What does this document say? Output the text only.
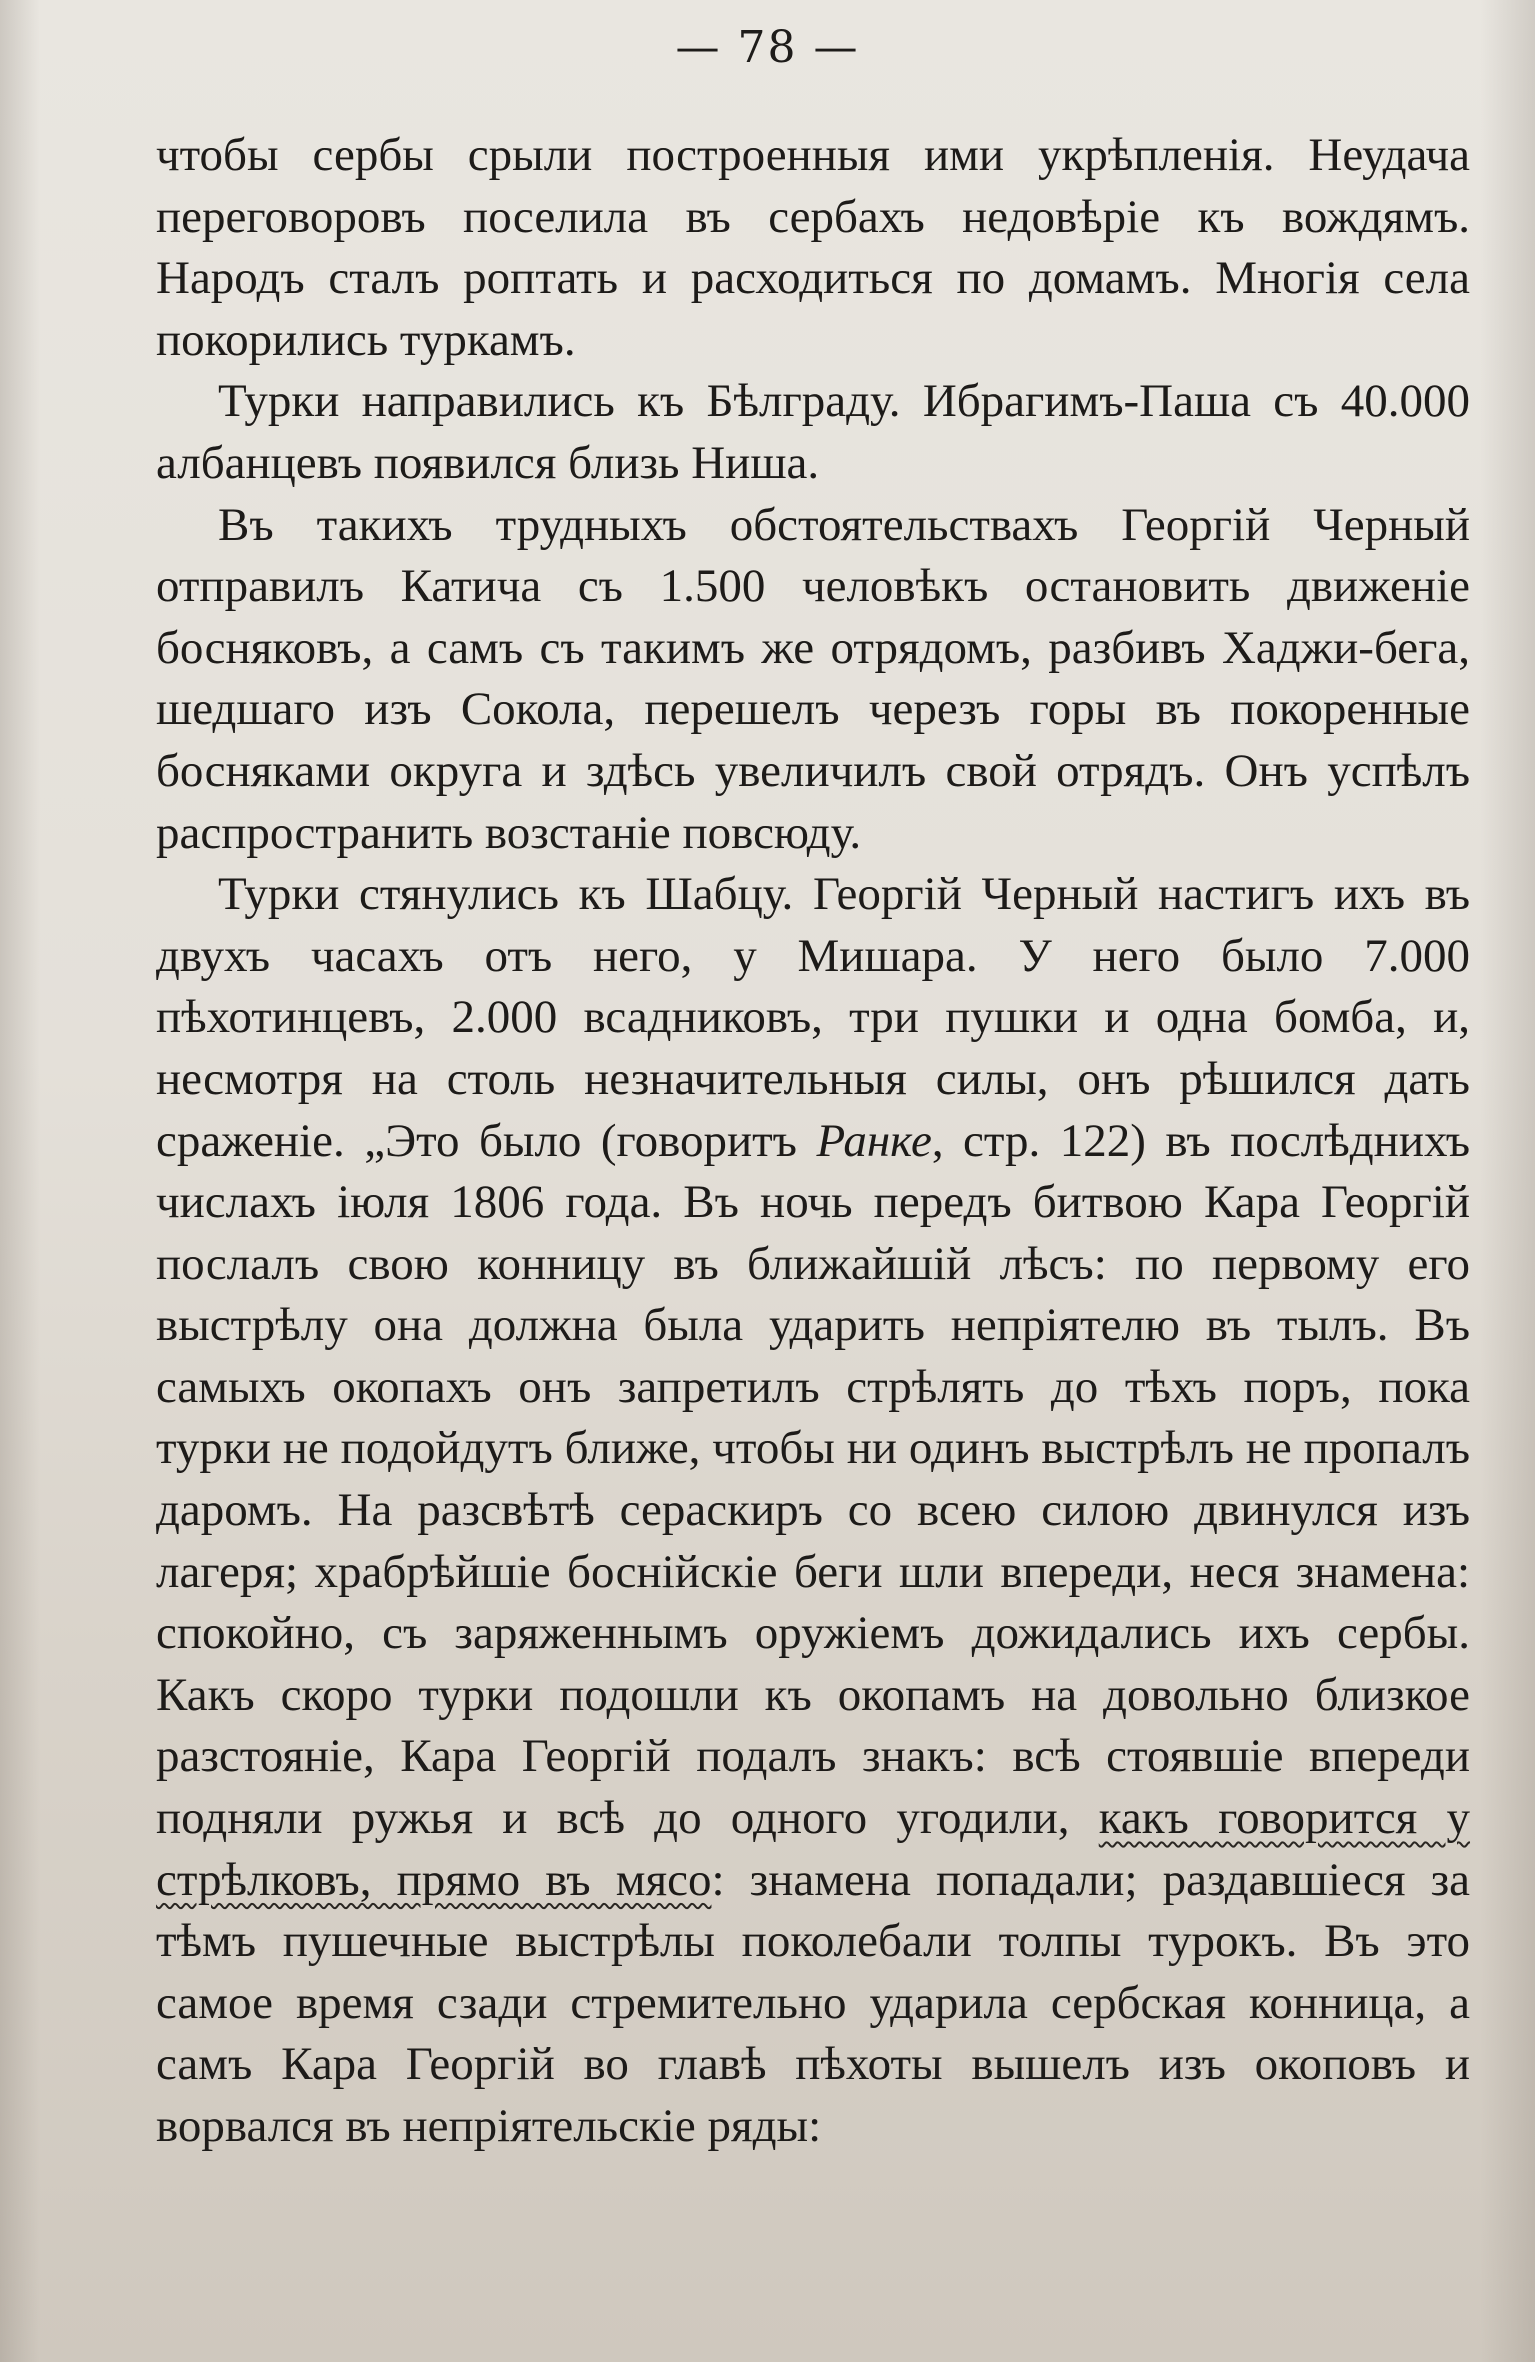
— 78 —

чтобы сербы срыли построенныя ими укрѣпленія. Неудача переговоровъ поселила въ сербахъ недовѣріе къ вождямъ. Народъ сталъ роптать и расходиться по домамъ. Многія села покорились туркамъ.

Турки направились къ Бѣлграду. Ибрагимъ-Паша съ 40.000 албанцевъ появился близь Ниша.

Въ такихъ трудныхъ обстоятельствахъ Георгій Черный отправилъ Катича съ 1.500 человѣкъ остановить движеніе босняковъ, а самъ съ такимъ же отрядомъ, разбивъ Хаджи-бега, шедшаго изъ Сокола, перешелъ черезъ горы въ покоренные босняками округа и здѣсь увеличилъ свой отрядъ. Онъ успѣлъ распространить возстаніе повсюду.

Турки стянулись къ Шабцу. Георгій Черный настигъ ихъ въ двухъ часахъ отъ него, у Мишара. У него было 7.000 пѣхотинцевъ, 2.000 всадниковъ, три пушки и одна бомба, и, несмотря на столь незначительныя силы, онъ рѣшился дать сраженіе. „Это было (говоритъ Ранке, стр. 122) въ послѣднихъ числахъ іюля 1806 года. Въ ночь передъ битвою Кара Георгій послалъ свою конницу въ ближайшій лѣсъ: по первому его выстрѣлу она должна была ударить непріятелю въ тылъ. Въ самыхъ окопахъ онъ запретилъ стрѣлять до тѣхъ поръ, пока турки не подойдутъ ближе, чтобы ни одинъ выстрѣлъ не пропалъ даромъ. На разсвѣтѣ сераскиръ со всею силою двинулся изъ лагеря; храбрѣйшіе боснійскіе беги шли впереди, неся знамена: спокойно, съ заряженнымъ оружіемъ дожидались ихъ сербы. Какъ скоро турки подошли къ окопамъ на довольно близкое разстояніе, Кара Георгій подалъ знакъ: всѣ стоявшіе впереди подняли ружья и всѣ до одного угодили, какъ говорится у стрѣлковъ, прямо въ мясо: знамена попадали; раздавшіеся за тѣмъ пушечные выстрѣлы поколебали толпы турокъ. Въ это самое время сзади стремительно ударила сербская конница, а самъ Кара Георгій во главѣ пѣхоты вышелъ изъ окоповъ и ворвался въ непріятельскіе ряды:
